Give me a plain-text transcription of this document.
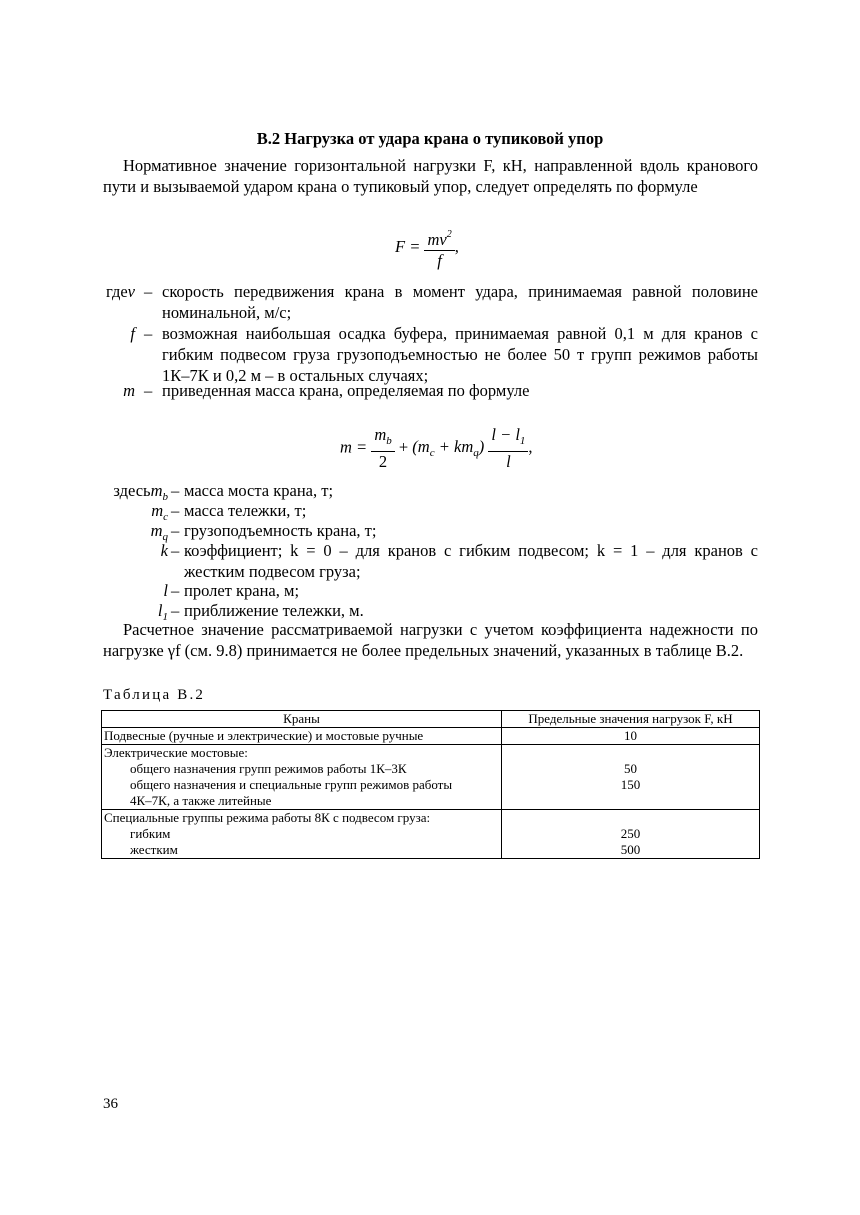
В.2 Нагрузка от удара крана о тупиковой упор
Нормативное значение горизонтальной нагрузки F, кН, направленной вдоль кранового пути и вызываемой ударом крана о тупиковый упор, следует определять по формуле
$F = \frac{mv^2}{f}$ ,
гдеv – скорость передвижения крана в момент удара, принимаемая равной половине номинальной, м/с;
f – возможная наибольшая осадка буфера, принимаемая равной 0,1 м для кранов с гибким подвесом груза грузоподъемностью не более 50 т групп режимов работы 1К–7К и 0,2 м – в остальных случаях;
m – приведенная масса крана, определяемая по формуле
$m = \frac{m_b}{2} + (m_c + km_q) \frac{l - l_1}{l}$ ,
здесьm$_b$ – масса моста крана, т;
$m_c$ – масса тележки, т;
$m_q$ – грузоподъемность крана, т;
k – коэффициент; k = 0 – для кранов с гибким подвесом; k = 1 – для кранов с жестким подвесом груза;
l – пролет крана, м;
$l_1$ – приближение тележки, м.
Расчетное значение рассматриваемой нагрузки с учетом коэффициента надежности по нагрузке γf (см. 9.8) принимается не более предельных значений, указанных в таблице В.2.
Таблица В.2
Краны	Предельные значения нагрузок F, кН
Подвесные (ручные и электрические) и мостовые ручные	10
Электрические мостовые:	
общего назначения групп режимов работы 1К–3К	50
общего назначения и специальные групп режимов работы	150
4К–7К, а также литейные	
Специальные группы режима работы 8К с подвесом груза:	
гибким	250
жестким	500
36
